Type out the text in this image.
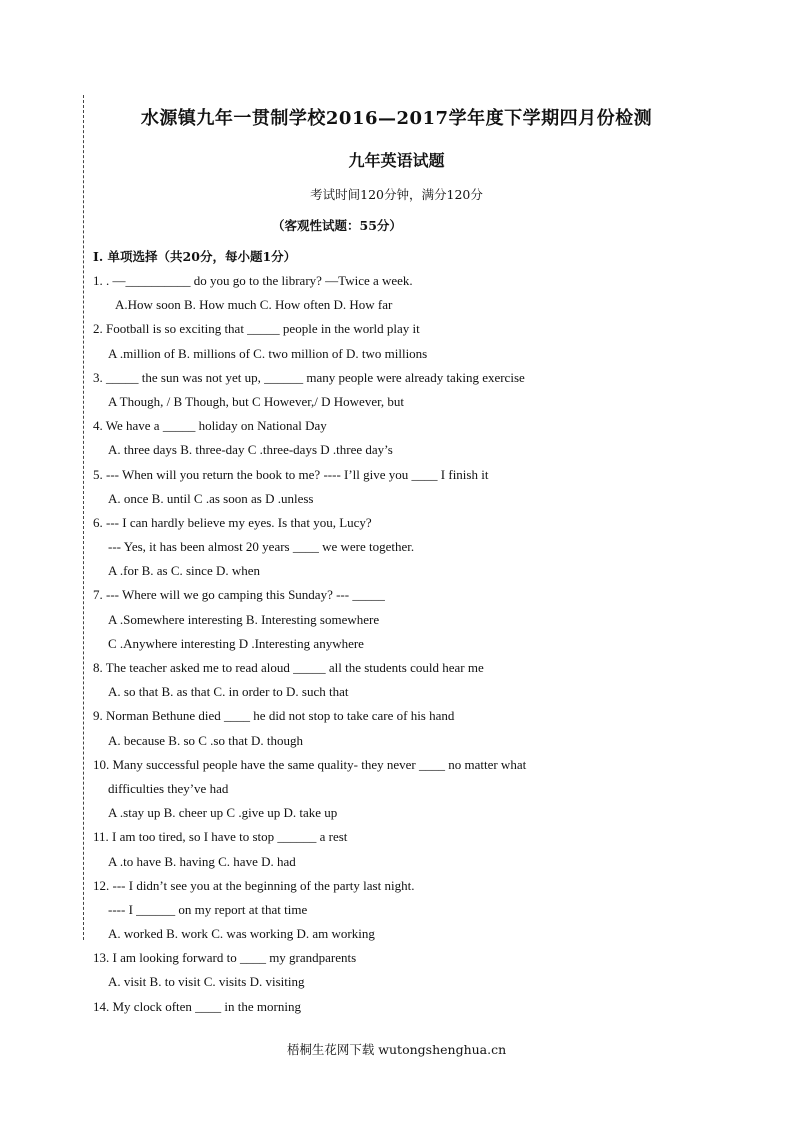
水源镇九年一贯制学校2016—2017学年度下学期四月份检测
九年英语试题
考试时间120分钟，满分120分
（客观性试题：55分）
Ⅰ. 单项选择（共20分，每小题1分）
1. . —__________ do you go to the library? —Twice a week.
A.How soon B. How much C. How often D. How far
2. Football is so exciting that _____ people in the world play it
A .million of B. millions of C. two million of D. two millions
3. _____ the sun was not yet up, ______ many people were already taking exercise
A Though, / B Though, but C However,/ D However, but
4. We have a _____ holiday on National Day
A. three days B. three-day C .three-days D .three day’s
5. --- When will you return the book to me? ---- I’ll give you ____ I finish it
A. once B. until C .as soon as D .unless
6. --- I can hardly believe my eyes. Is that you, Lucy?
--- Yes, it has been almost 20 years ____ we were together.
A .for B. as C. since D. when
7. --- Where will we go camping this Sunday? --- _____
A .Somewhere interesting B. Interesting somewhere
C .Anywhere interesting D .Interesting anywhere
8. The teacher asked me to read aloud _____ all the students could hear me
A. so that B. as that C. in order to D. such that
9. Norman Bethune died ____ he did not stop to take care of his hand
A. because B. so C .so that D. though
10. Many successful people have the same quality- they never ____ no matter what
difficulties they’ve had
A .stay up B. cheer up C .give up D. take up
11. I am too tired, so I have to stop ______ a rest
A .to have B. having C. have D. had
12. --- I didn’t see you at the beginning of the party last night.
---- I ______ on my report at that time
A. worked B. work C. was working D. am working
13. I am looking forward to ____ my grandparents
A. visit B. to visit C. visits D. visiting
14. My clock often ____ in the morning
梧桐生花网下载 wutongshenghua.cn
